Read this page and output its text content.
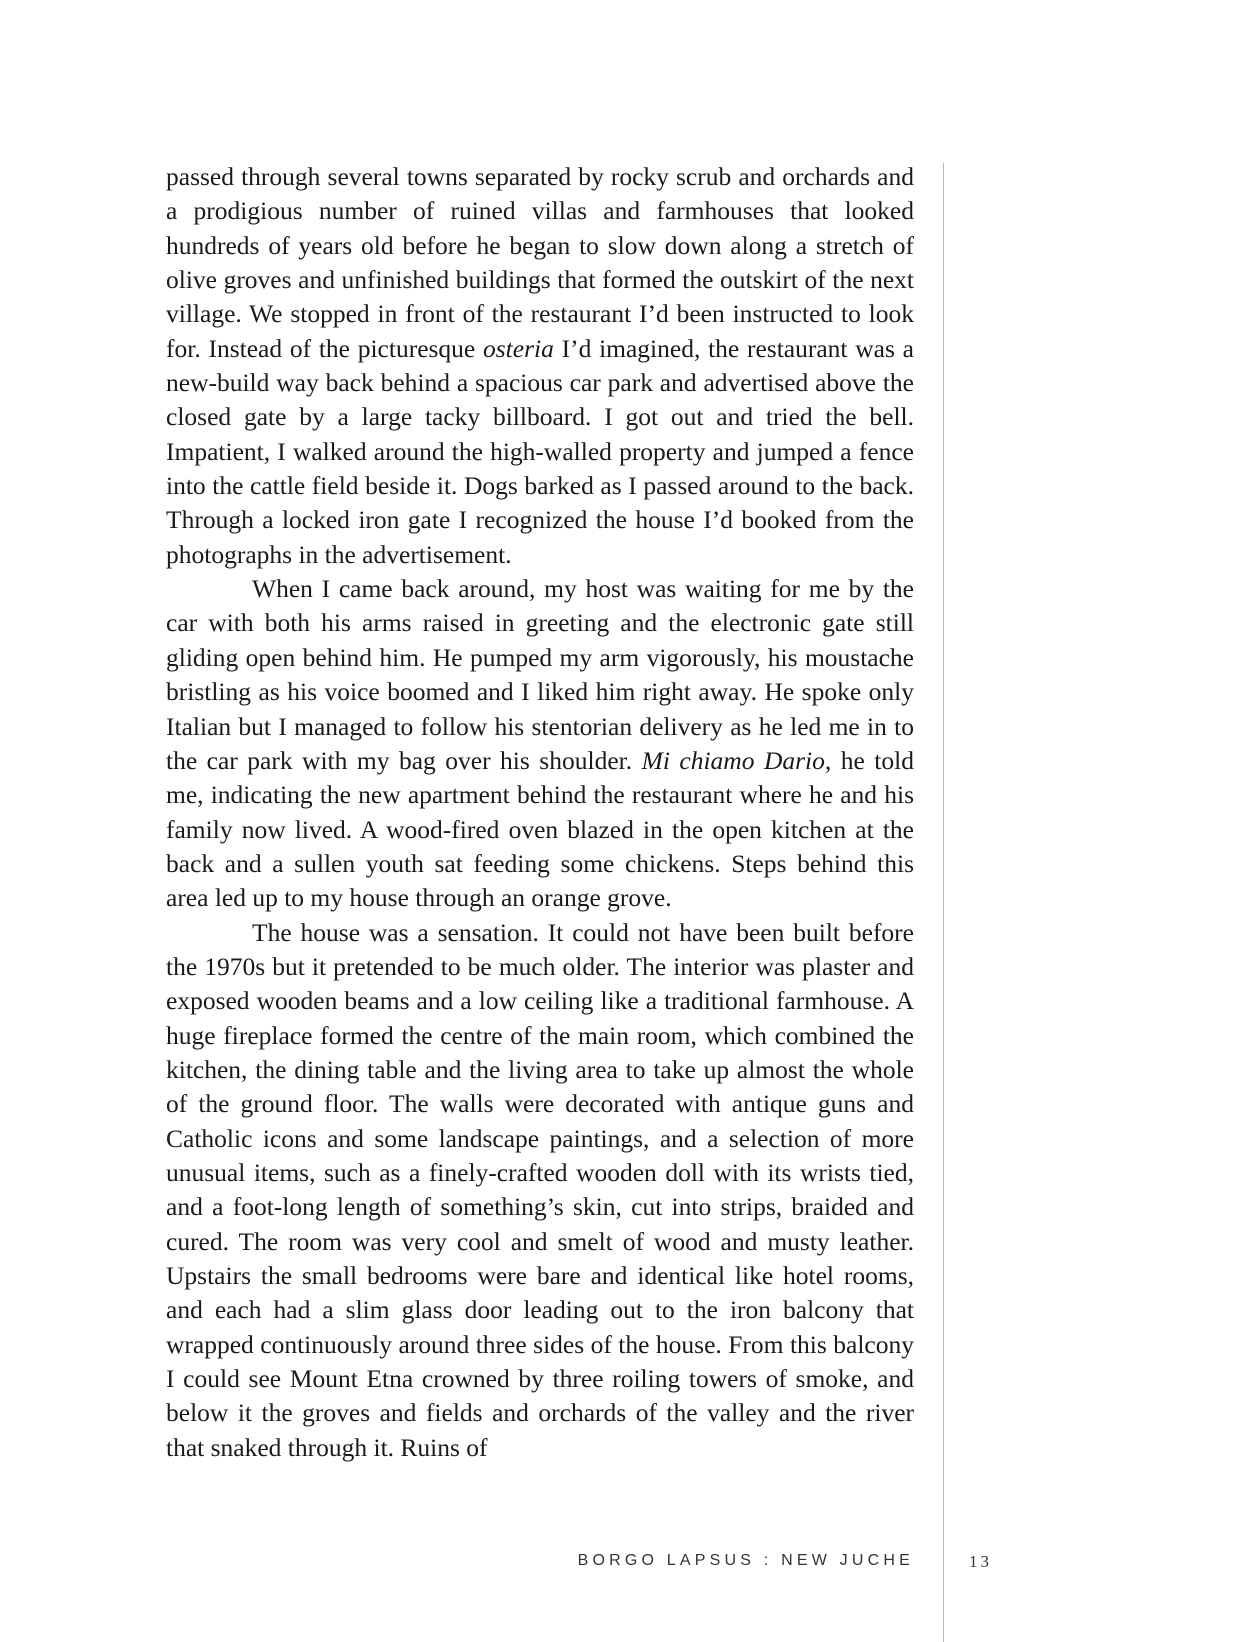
passed through several towns separated by rocky scrub and orchards and a prodigious number of ruined villas and farmhouses that looked hundreds of years old before he began to slow down along a stretch of olive groves and unfinished buildings that formed the outskirt of the next village. We stopped in front of the restaurant I’d been instructed to look for. Instead of the picturesque osteria I’d imagined, the restaurant was a new-build way back behind a spacious car park and advertised above the closed gate by a large tacky billboard. I got out and tried the bell. Impatient, I walked around the high-walled property and jumped a fence into the cattle field beside it. Dogs barked as I passed around to the back. Through a locked iron gate I recognized the house I’d booked from the photographs in the advertisement.

When I came back around, my host was waiting for me by the car with both his arms raised in greeting and the electronic gate still gliding open behind him. He pumped my arm vigorously, his moustache bristling as his voice boomed and I liked him right away. He spoke only Italian but I managed to follow his stentorian delivery as he led me in to the car park with my bag over his shoulder. Mi chiamo Dario, he told me, indicating the new apartment behind the restaurant where he and his family now lived. A wood-fired oven blazed in the open kitchen at the back and a sullen youth sat feeding some chickens. Steps behind this area led up to my house through an orange grove.

The house was a sensation. It could not have been built before the 1970s but it pretended to be much older. The interior was plaster and exposed wooden beams and a low ceiling like a traditional farmhouse. A huge fireplace formed the centre of the main room, which combined the kitchen, the dining table and the living area to take up almost the whole of the ground floor. The walls were decorated with antique guns and Catholic icons and some landscape paintings, and a selection of more unusual items, such as a finely-crafted wooden doll with its wrists tied, and a foot-long length of something’s skin, cut into strips, braided and cured. The room was very cool and smelt of wood and musty leather. Upstairs the small bedrooms were bare and identical like hotel rooms, and each had a slim glass door leading out to the iron balcony that wrapped continuously around three sides of the house. From this balcony I could see Mount Etna crowned by three roiling towers of smoke, and below it the groves and fields and orchards of the valley and the river that snaked through it. Ruins of

BORGO LAPSUS : NEW JUCHE	13
